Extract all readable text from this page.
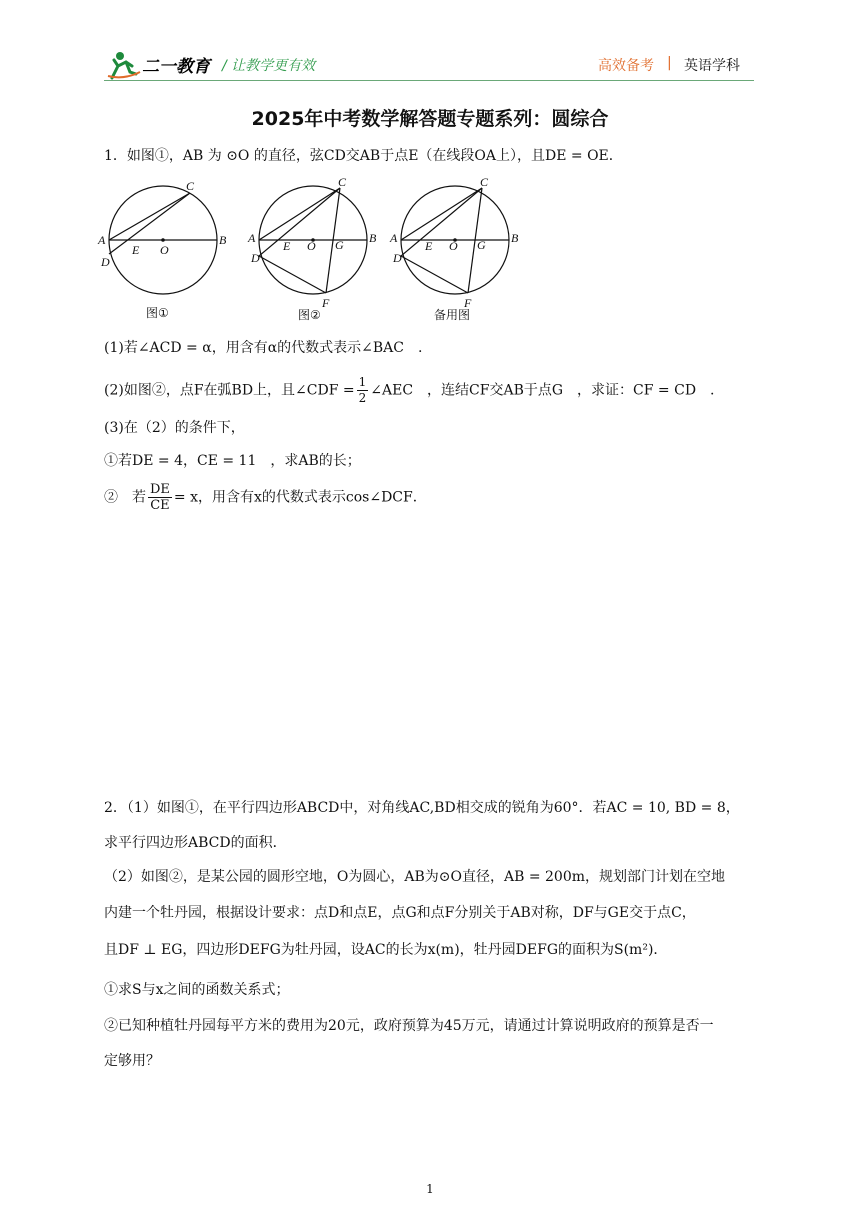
二一教育 / 让教学更有效	高效备考 | 英语学科
2025年中考数学解答题专题系列：圆综合
1．如图①，AB 为 ⊙O 的直径，弦CD交AB于点E（在线段OA上），且DE = OE．
A	B
C
D
E O
图①
A	B
C
D
E O G
F
图②
A	B
C
D
E O G
F
备用图
(1)若∠ACD = α，用含有α的代数式表示∠BAC　.
(2)如图②，点F在弧BD上，且∠CDF = $\frac{1}{2}$ ∠AEC　，连结CF交AB于点G　，求证：CF = CD　.
(3)在（2）的条件下，
①若DE = 4，CE = 11　，求AB的长；
②　若 $\frac{DE}{CE} = x$，用含有x的代数式表示cos∠DCF．
2．（1）如图①，在平行四边形ABCD中，对角线AC,BD相交成的锐角为60°．若AC = 10, BD = 8，
求平行四边形ABCD的面积．
（2）如图②，是某公园的圆形空地，O为圆心，AB为⊙O直径，AB = 200m，规划部门计划在空地
内建一个牡丹园，根据设计要求：点D和点E，点G和点F分别关于AB对称，DF与GE交于点C，
且DF ⊥ EG，四边形DEFG为牡丹园，设AC的长为x(m)，牡丹园DEFG的面积为S(m²)．
①求S与x之间的函数关系式；
②已知种植牡丹园每平方米的费用为20元，政府预算为45万元，请通过计算说明政府的预算是否一
定够用？
1
